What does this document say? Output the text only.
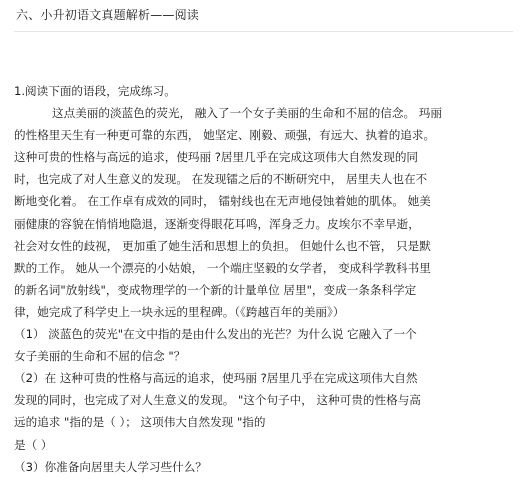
六、小升初语文真题解析——阅读

1.阅读下面的语段，完成练习。

这点美丽的淡蓝色的荧光， 融入了一个女子美丽的生命和不屈的信念。 玛丽
的性格里天生有一种更可靠的东西， 她坚定、刚毅、顽强，有远大、执着的追求。
这种可贵的性格与高远的追求，使玛丽 ?居里几乎在完成这项伟大自然发现的同
时，也完成了对人生意义的发现。 在发现镭之后的不断研究中， 居里夫人也在不
断地变化着。 在工作卓有成效的同时， 镭射线也在无声地侵蚀着她的肌体。 她美
丽健康的容貌在悄悄地隐退，逐渐变得眼花耳鸣，浑身乏力。皮埃尔不幸早逝，
社会对女性的歧视， 更加重了她生活和思想上的负担。 但她什么也不管， 只是默
默的工作。 她从一个漂亮的小姑娘， 一个端庄坚毅的女学者， 变成科学教科书里
的新名词"放射线"，变成物理学的一个新的计量单位 居里"，变成一条条科学定
律，她完成了科学史上一块永远的里程碑。（《跨越百年的美丽》）
（1） 淡蓝色的荧光"在文中指的是由什么发出的光芒？为什么说 它融入了一个
女子美丽的生命和不屈的信念 "？
（2）在 这种可贵的性格与高远的追求，使玛丽 ?居里几乎在完成这项伟大自然
发现的同时，也完成了对人生意义的发现。 "这个句子中， 这种可贵的性格与高
远的追求 "指的是（ ）； 这项伟大自然发现 "指的
是（ ）
（3）你准备向居里夫人学习些什么？
